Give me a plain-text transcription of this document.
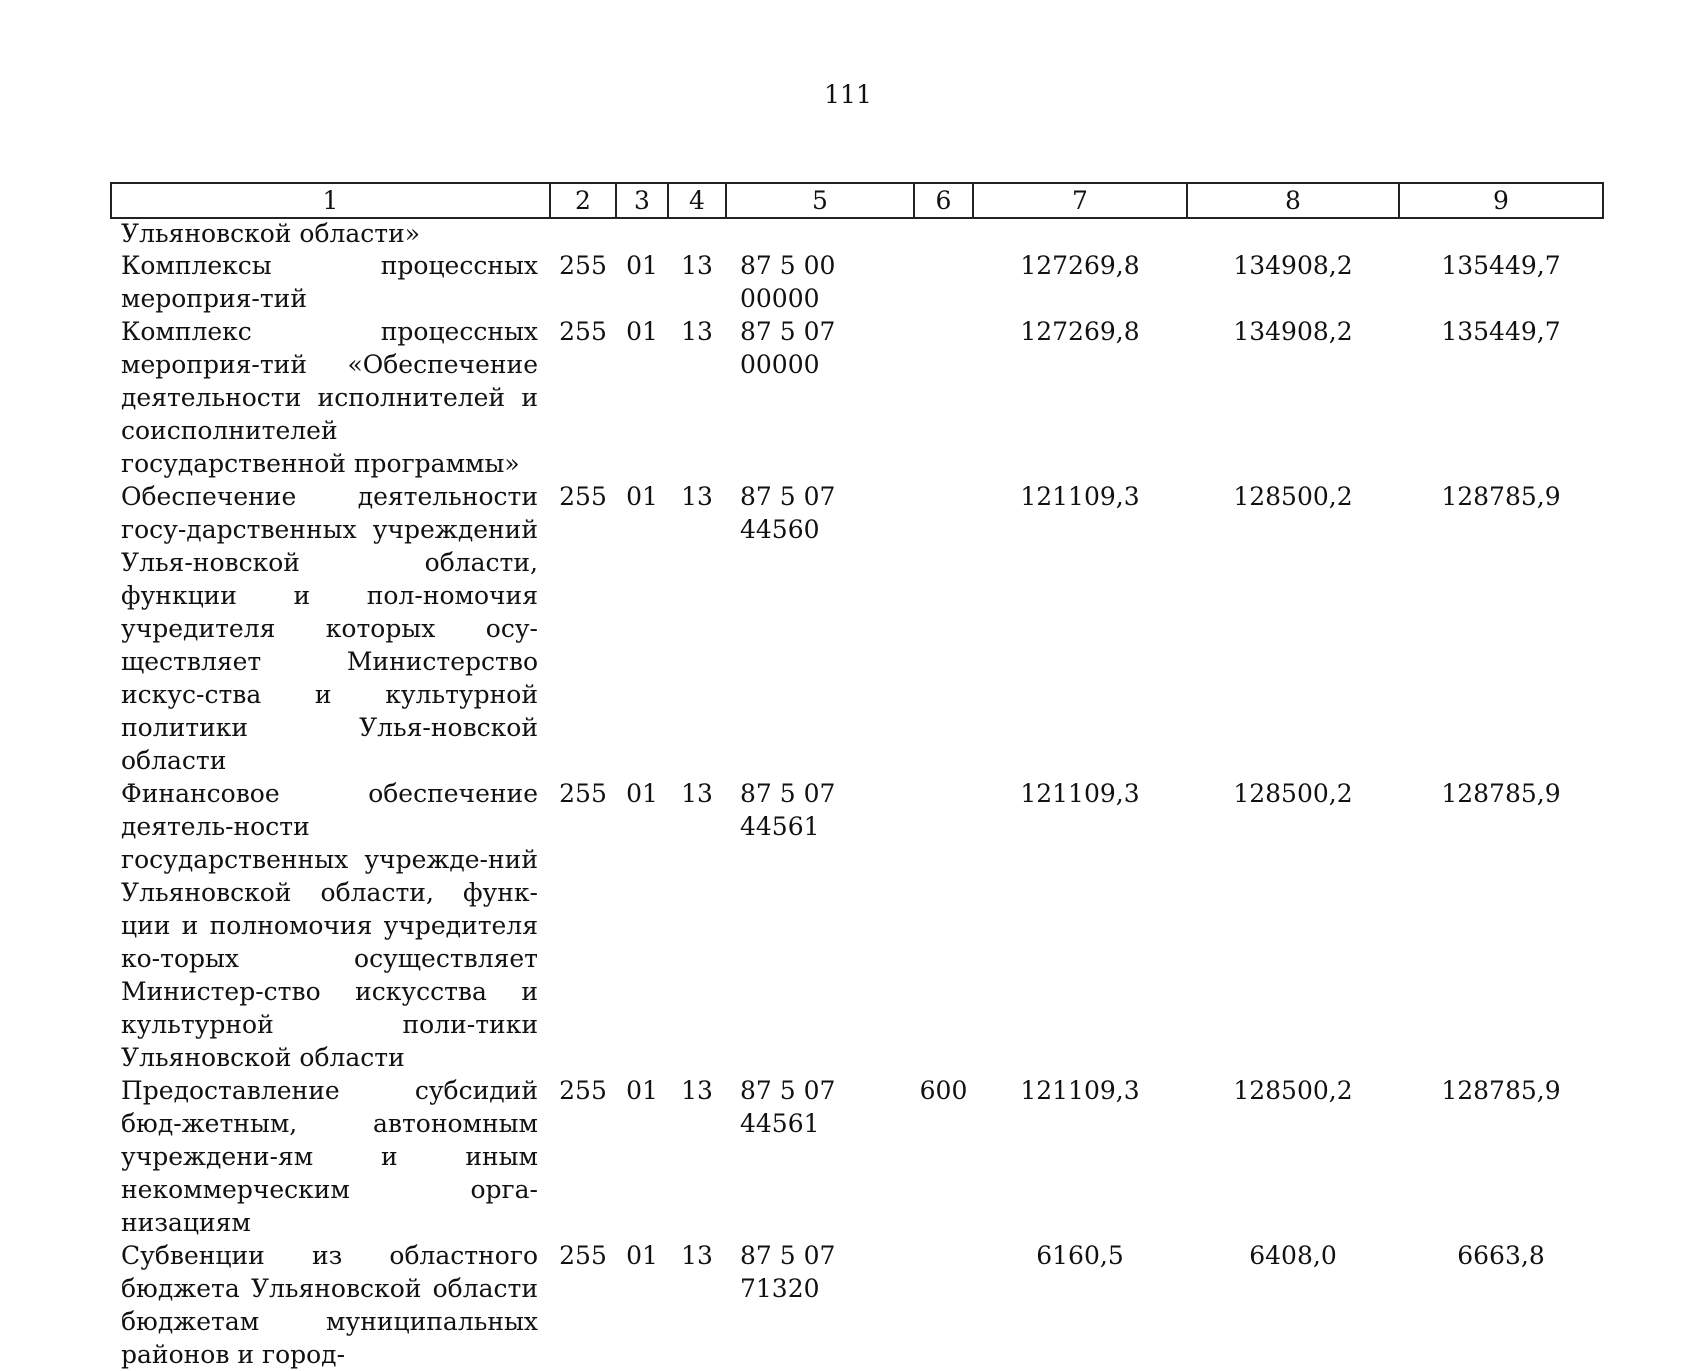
111
1	2	3	4	5	6	7	8	9
Ульяновской области»								
Комплексы процессных мероприя-тий	255	01	13	87 5 00 00000		127269,8	134908,2	135449,7
Комплекс процессных мероприя-тий «Обеспечение деятельности исполнителей и соисполнителей государственной программы»	255	01	13	87 5 07 00000		127269,8	134908,2	135449,7
Обеспечение деятельности госу-дарственных учреждений Улья-новской области, функции и пол-номочия учредителя которых осу-ществляет Министерство искус-ства и культурной политики Улья-новской области	255	01	13	87 5 07 44560		121109,3	128500,2	128785,9
Финансовое обеспечение деятель-ности государственных учрежде-ний Ульяновской области, функ-ции и полномочия учредителя ко-торых осуществляет Министер-ство искусства и культурной поли-тики Ульяновской области	255	01	13	87 5 07 44561		121109,3	128500,2	128785,9
Предоставление субсидий бюд-жетным, автономным учреждени-ям и иным некоммерческим орга-низациям	255	01	13	87 5 07 44561	600	121109,3	128500,2	128785,9
Субвенции из областного бюджета Ульяновской области бюджетам муниципальных районов и город-	255	01	13	87 5 07 71320		6160,5	6408,0	6663,8
